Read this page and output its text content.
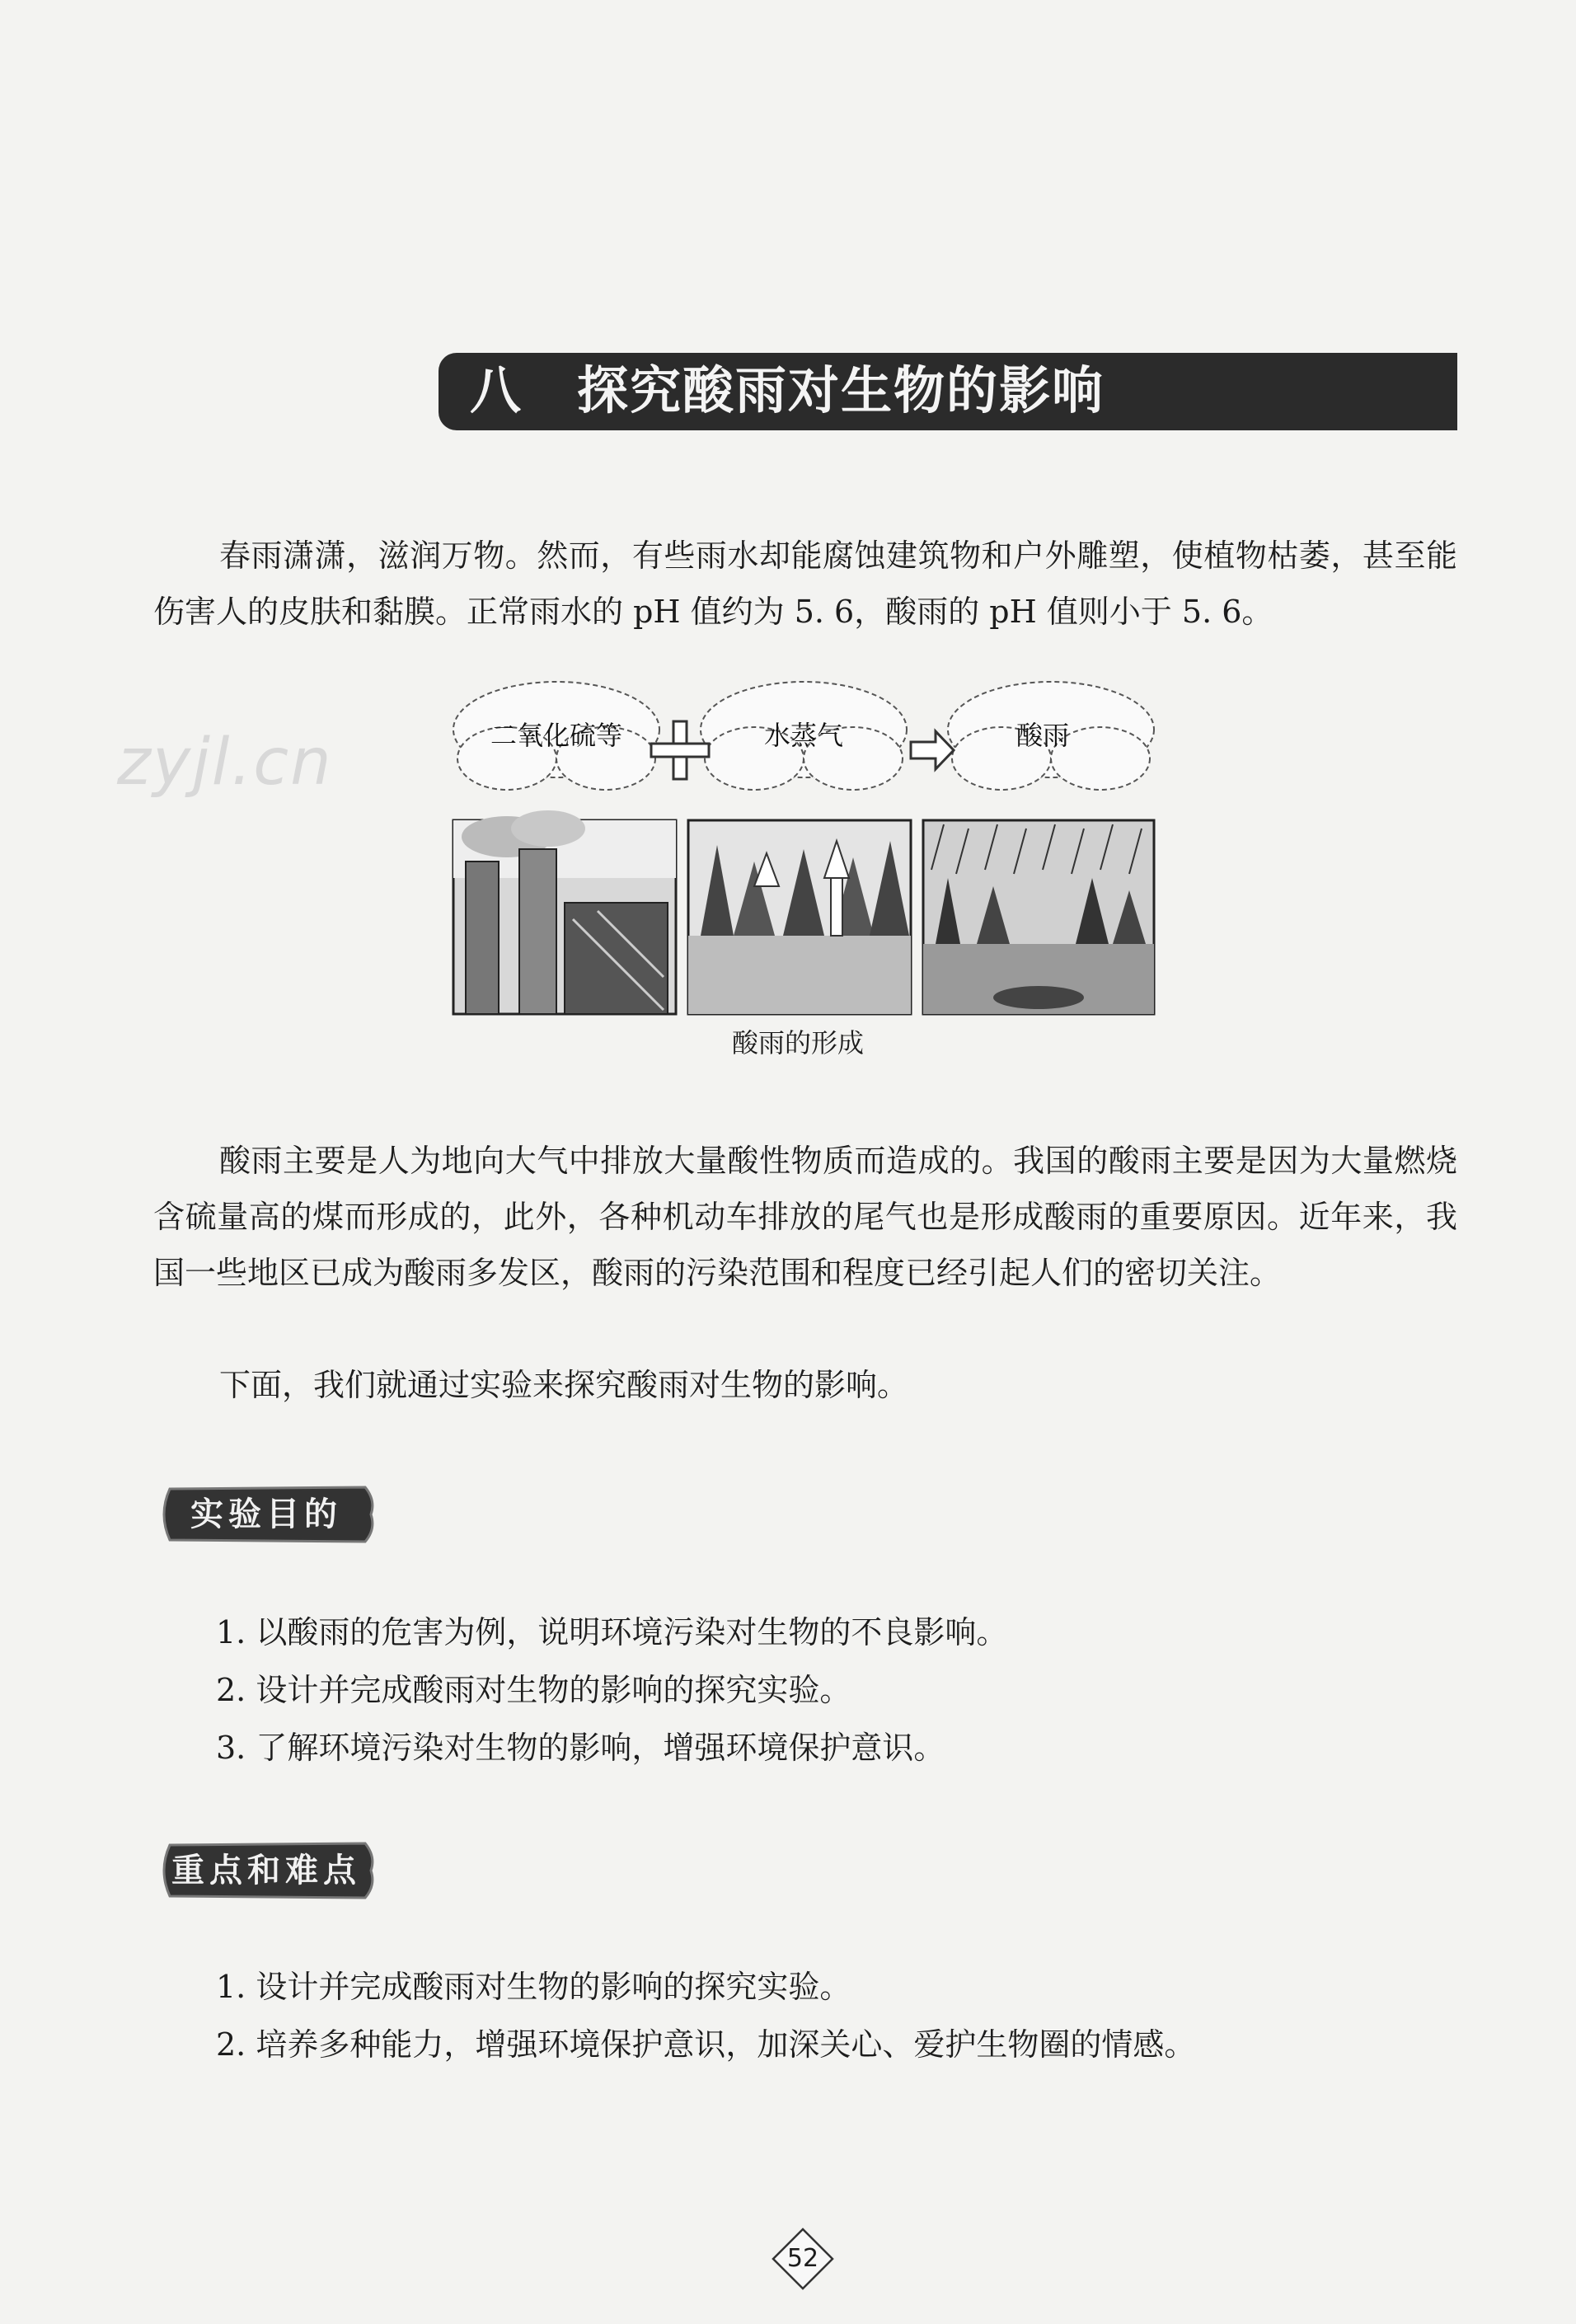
八 探究酸雨对生物的影响

春雨潇潇，滋润万物。然而，有些雨水却能腐蚀建筑物和户外雕塑，使植物枯萎，甚至能伤害人的皮肤和黏膜。正常雨水的 pH 值约为 5. 6，酸雨的 pH 值则小于 5. 6。

zyjl.cn	二氧化硫等	水蒸气	酸雨
酸雨的形成

酸雨主要是人为地向大气中排放大量酸性物质而造成的。我国的酸雨主要是因为大量燃烧含硫量高的煤而形成的，此外，各种机动车排放的尾气也是形成酸雨的重要原因。近年来，我国一些地区已成为酸雨多发区，酸雨的污染范围和程度已经引起人们的密切关注。

下面，我们就通过实验来探究酸雨对生物的影响。

实验目的

1. 以酸雨的危害为例，说明环境污染对生物的不良影响。

2. 设计并完成酸雨对生物的影响的探究实验。

3. 了解环境污染对生物的影响，增强环境保护意识。

重点和难点

1. 设计并完成酸雨对生物的影响的探究实验。

2. 培养多种能力，增强环境保护意识，加深关心、爱护生物圈的情感。

52
